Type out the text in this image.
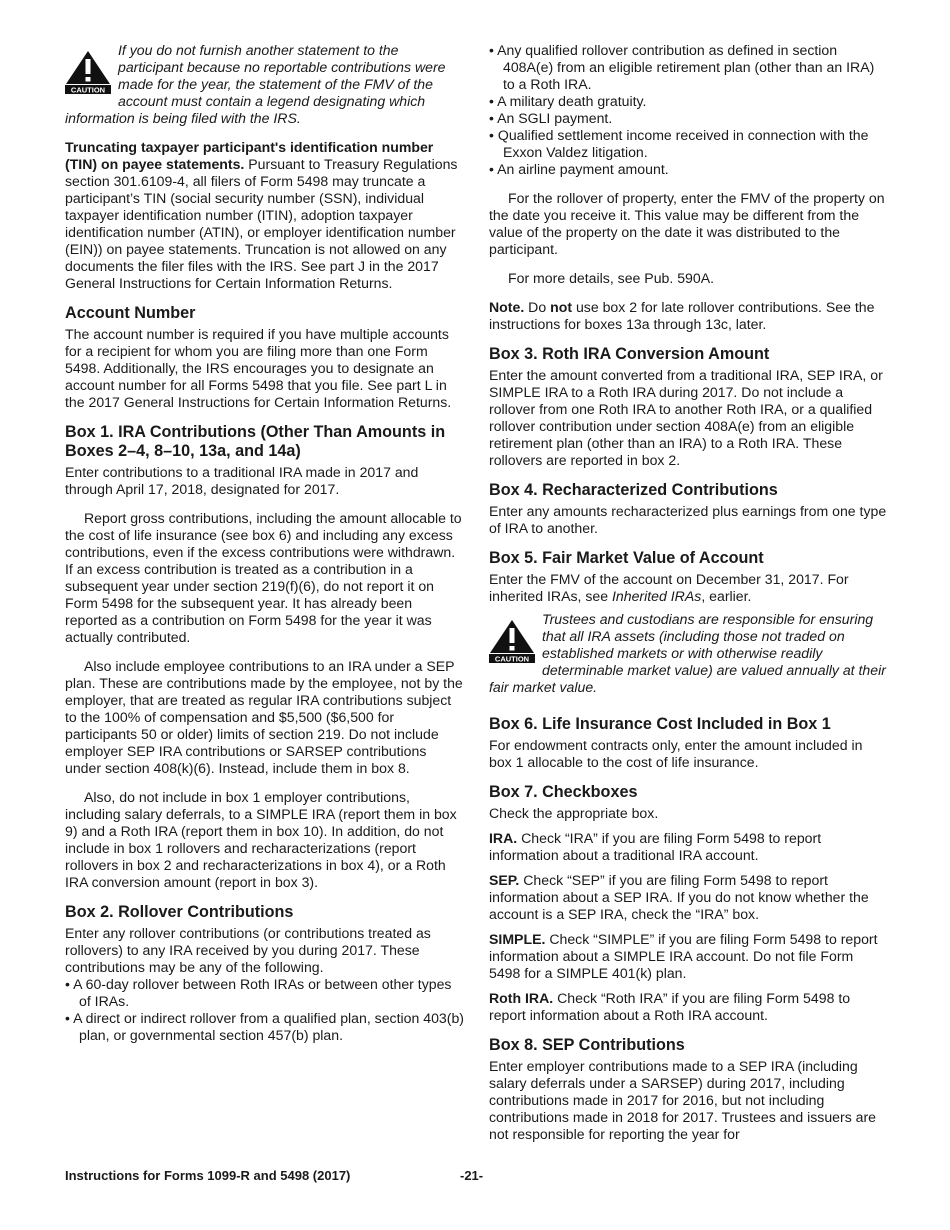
CAUTION

If you do not furnish another statement to the participant because no reportable contributions were made for the year, the statement of the FMV of the account must contain a legend designating which information is being filed with the IRS.

Truncating taxpayer participant's identification number (TIN) on payee statements. Pursuant to Treasury Regulations section 301.6109-4, all filers of Form 5498 may truncate a participant’s TIN (social security number (SSN), individual taxpayer identification number (ITIN), adoption taxpayer identification number (ATIN), or employer identification number (EIN)) on payee statements. Truncation is not allowed on any documents the filer files with the IRS. See part J in the 2017 General Instructions for Certain Information Returns.

Account Number

The account number is required if you have multiple accounts for a recipient for whom you are filing more than one Form 5498. Additionally, the IRS encourages you to designate an account number for all Forms 5498 that you file. See part L in the 2017 General Instructions for Certain Information Returns.

Box 1. IRA Contributions (Other Than Amounts in Boxes 2–4, 8–10, 13a, and 14a)

Enter contributions to a traditional IRA made in 2017 and through April 17, 2018, designated for 2017.

Report gross contributions, including the amount allocable to the cost of life insurance (see box 6) and including any excess contributions, even if the excess contributions were withdrawn. If an excess contribution is treated as a contribution in a subsequent year under section 219(f)(6), do not report it on Form 5498 for the subsequent year. It has already been reported as a contribution on Form 5498 for the year it was actually contributed.

Also include employee contributions to an IRA under a SEP plan. These are contributions made by the employee, not by the employer, that are treated as regular IRA contributions subject to the 100% of compensation and $5,500 ($6,500 for participants 50 or older) limits of section 219. Do not include employer SEP IRA contributions or SARSEP contributions under section 408(k)(6). Instead, include them in box 8.

Also, do not include in box 1 employer contributions, including salary deferrals, to a SIMPLE IRA (report them in box 9) and a Roth IRA (report them in box 10). In addition, do not include in box 1 rollovers and recharacterizations (report rollovers in box 2 and recharacterizations in box 4), or a Roth IRA conversion amount (report in box 3).

Box 2. Rollover Contributions

Enter any rollover contributions (or contributions treated as rollovers) to any IRA received by you during 2017. These contributions may be any of the following.

• A 60-day rollover between Roth IRAs or between other types of IRAs.

• A direct or indirect rollover from a qualified plan, section 403(b) plan, or governmental section 457(b) plan.

• Any qualified rollover contribution as defined in section 408A(e) from an eligible retirement plan (other than an IRA) to a Roth IRA.

• A military death gratuity.

• An SGLI payment.

• Qualified settlement income received in connection with the Exxon Valdez litigation.

• An airline payment amount.

For the rollover of property, enter the FMV of the property on the date you receive it. This value may be different from the value of the property on the date it was distributed to the participant.

For more details, see Pub. 590A.

Note. Do not use box 2 for late rollover contributions. See the instructions for boxes 13a through 13c, later.

Box 3. Roth IRA Conversion Amount

Enter the amount converted from a traditional IRA, SEP IRA, or SIMPLE IRA to a Roth IRA during 2017. Do not include a rollover from one Roth IRA to another Roth IRA, or a qualified rollover contribution under section 408A(e) from an eligible retirement plan (other than an IRA) to a Roth IRA. These rollovers are reported in box 2.

Box 4. Recharacterized Contributions

Enter any amounts recharacterized plus earnings from one type of IRA to another.

Box 5. Fair Market Value of Account

Enter the FMV of the account on December 31, 2017. For inherited IRAs, see Inherited IRAs, earlier.

CAUTION

Trustees and custodians are responsible for ensuring that all IRA assets (including those not traded on established markets or with otherwise readily determinable market value) are valued annually at their fair market value.

Box 6. Life Insurance Cost Included in Box 1

For endowment contracts only, enter the amount included in box 1 allocable to the cost of life insurance.

Box 7. Checkboxes

Check the appropriate box.

IRA. Check “IRA” if you are filing Form 5498 to report information about a traditional IRA account.

SEP. Check “SEP” if you are filing Form 5498 to report information about a SEP IRA. If you do not know whether the account is a SEP IRA, check the “IRA” box.

SIMPLE. Check “SIMPLE” if you are filing Form 5498 to report information about a SIMPLE IRA account. Do not file Form 5498 for a SIMPLE 401(k) plan.

Roth IRA. Check “Roth IRA” if you are filing Form 5498 to report information about a Roth IRA account.

Box 8. SEP Contributions

Enter employer contributions made to a SEP IRA (including salary deferrals under a SARSEP) during 2017, including contributions made in 2017 for 2016, but not including contributions made in 2018 for 2017. Trustees and issuers are not responsible for reporting the year for

Instructions for Forms 1099-R and 5498 (2017)	-21-
